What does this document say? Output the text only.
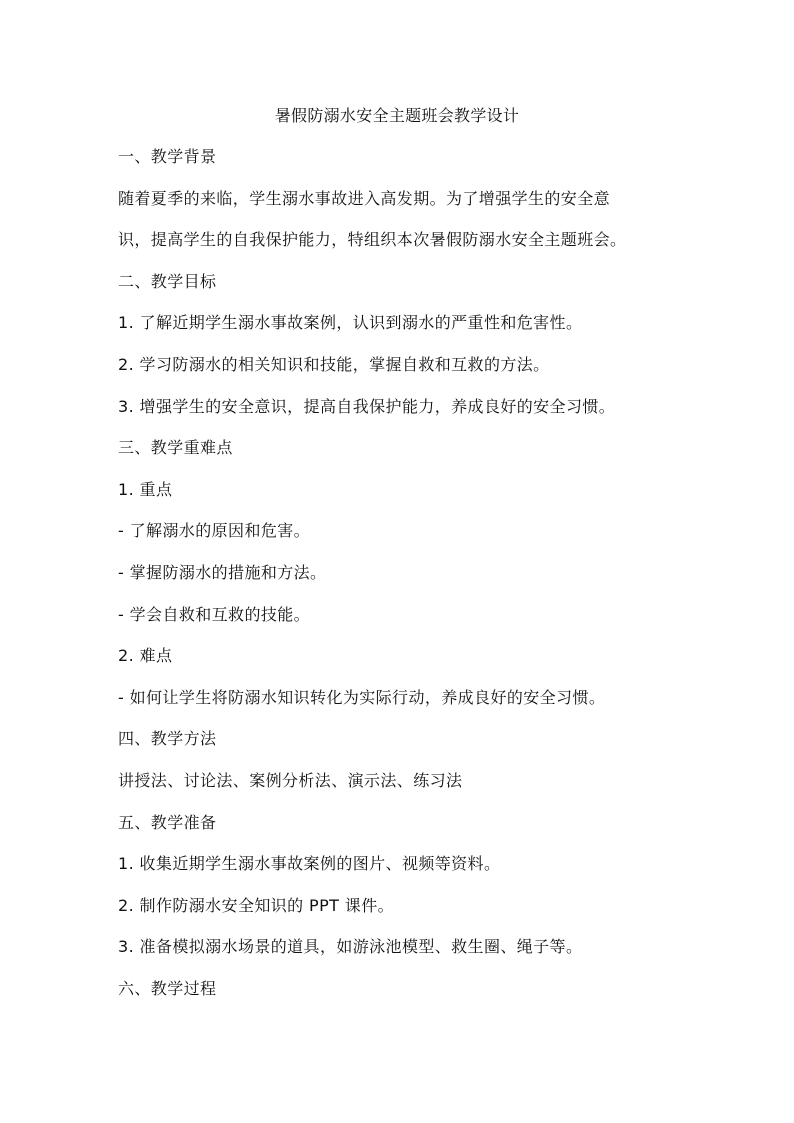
暑假防溺水安全主题班会教学设计
一、教学背景
随着夏季的来临，学生溺水事故进入高发期。为了增强学生的安全意
识，提高学生的自我保护能力，特组织本次暑假防溺水安全主题班会。
二、教学目标
1. 了解近期学生溺水事故案例，认识到溺水的严重性和危害性。
2. 学习防溺水的相关知识和技能，掌握自救和互救的方法。
3. 增强学生的安全意识，提高自我保护能力，养成良好的安全习惯。
三、教学重难点
1. 重点
- 了解溺水的原因和危害。
- 掌握防溺水的措施和方法。
- 学会自救和互救的技能。
2. 难点
- 如何让学生将防溺水知识转化为实际行动，养成良好的安全习惯。
四、教学方法
讲授法、讨论法、案例分析法、演示法、练习法
五、教学准备
1. 收集近期学生溺水事故案例的图片、视频等资料。
2. 制作防溺水安全知识的 PPT 课件。
3. 准备模拟溺水场景的道具，如游泳池模型、救生圈、绳子等。
六、教学过程
